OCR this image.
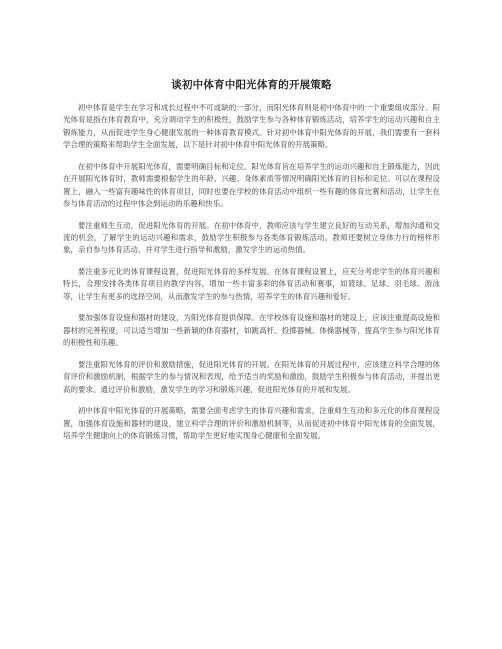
谈初中体育中阳光体育的开展策略

初中体育是学生在学习和成长过程中不可或缺的一部分，而阳光体育则是初中体育中的一个重要组成部分。阳光体育是指在体育教育中，充分调动学生的积极性，鼓励学生参与各种体育锻炼活动，培养学生的运动兴趣和自主锻炼能力，从而促进学生身心健康发展的一种体育教育模式。针对初中体育中阳光体育的开展，我们需要有一套科学合理的策略来帮助学生全面发展，以下是针对初中体育中阳光体育的开展策略。

在初中体育中开展阳光体育，需要明确目标和定位。阳光体育旨在培养学生的运动兴趣和自主锻炼能力，因此在开展阳光体育时，教师需要根据学生的年龄、兴趣、身体素质等情况明确阳光体育的目标和定位。可以在课程设置上，融入一些富有趣味性的体育项目，同时也要在学校的体育活动中组织一些有趣的体育比赛和活动，让学生在参与体育活动的过程中体会到运动的乐趣和快乐。

要注重师生互动，促进阳光体育的开展。在初中体育中，教师应该与学生建立良好的互动关系，增加沟通和交流的机会，了解学生的运动兴趣和需求，鼓励学生积极参与各类体育锻炼活动。教师还要树立身体力行的榜样形象，亲自参与体育活动，并对学生进行指导和激励，激发学生的运动热情。

要注重多元化的体育课程设置，促进阳光体育的多样发展。在体育课程设置上，应充分考虑学生的体育兴趣和特长，合理安排各类体育项目的教学内容，增加一些丰富多彩的体育活动和赛事，如篮球、足球、羽毛球、游泳等，让学生有更多的选择空间，从而激发学生的参与热情，培养学生的体育兴趣和爱好。

要加强体育设施和器材的建设，为阳光体育提供保障。在学校体育设施和器材的建设上，应该注重提高设施和器材的完善程度，可以适当增加一些新颖的体育器材，如跳高杆、投掷器械、体操器械等，提高学生参与阳光体育的积极性和乐趣。

要注重阳光体育的评价和激励措施，促进阳光体育的开展。在阳光体育的开展过程中，应该建立科学合理的体育评价和激励机制，根据学生的参与情况和表现，给予适当的奖励和激励，鼓励学生积极参与体育活动，并提出更高的要求。通过评价和激励，激发学生的学习和锻炼兴趣，促进阳光体育的开展和发展。

初中体育中阳光体育的开展策略，需要全面考虑学生的体育兴趣和需求，注重师生互动和多元化的体育课程设置，加强体育设施和器材的建设，建立科学合理的评价和激励机制等，从而促进初中体育中阳光体育的全面发展，培养学生健康向上的体育锻炼习惯，帮助学生更好地实现身心健康和全面发展。
